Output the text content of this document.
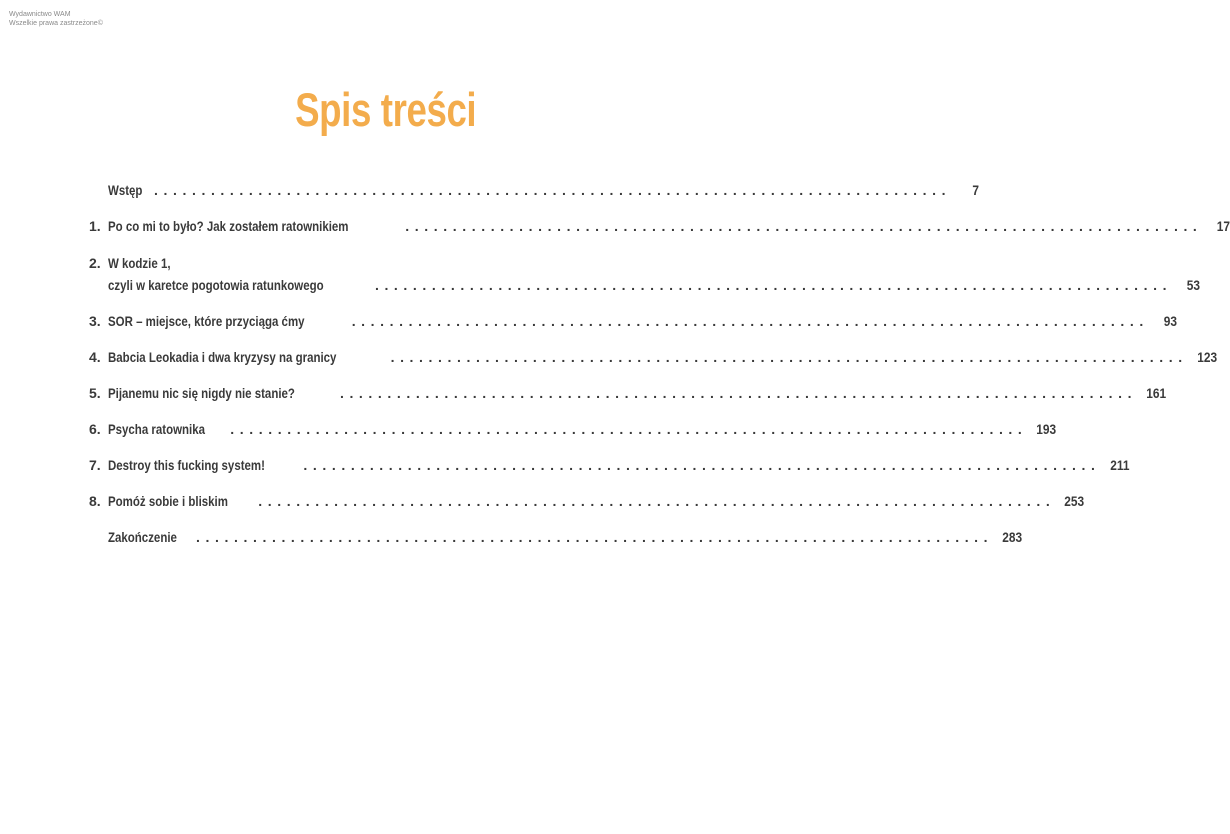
Wydawnictwo WAM
Wszelkie prawa zastrzeżone©
Spis treści
Wstęp ....................................................................................	7
1. Po co mi to było? Jak zostałem ratownikiem	....................................................................................	17
2. W kodzie 1,
czyli w karetce pogotowia ratunkowego	....................................................................................	53
3. SOR – miejsce, które przyciąga ćmy	....................................................................................	93
4. Babcia Leokadia i dwa kryzysy na granicy	.................................................................................... 123
5. Pijanemu nic się nigdy nie stanie?	.................................................................................... 161
6. Psycha ratownika .................................................................................... 193
7. Destroy this fucking system!	.................................................................................... 211
8. Pomóż sobie i bliskim .................................................................................... 253
Zakończenie .................................................................................... 283
